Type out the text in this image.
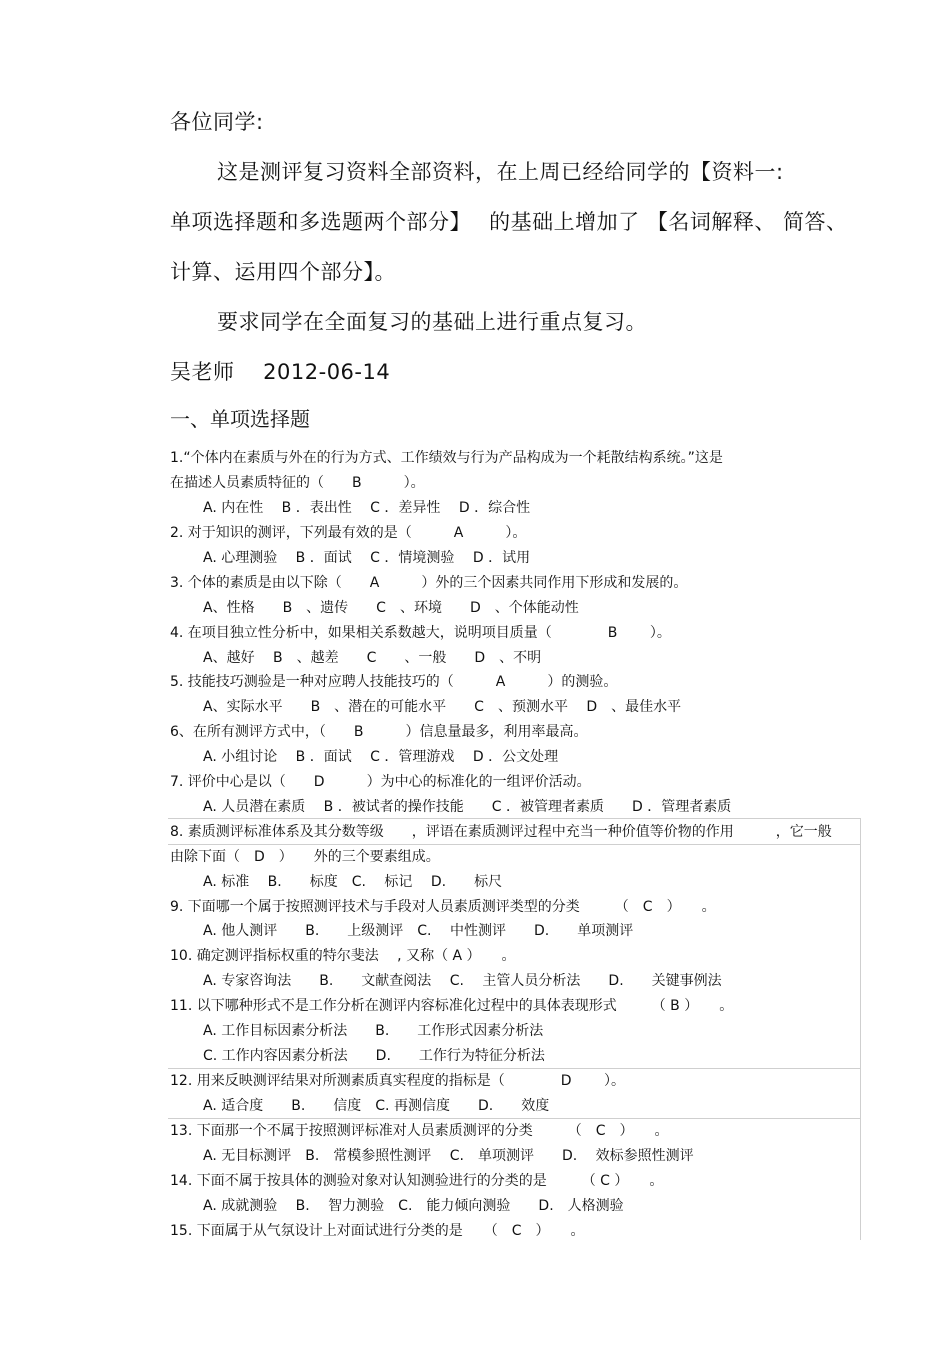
各位同学:
这是测评复习资料全部资料，在上周已经给同学的【资料一:
单项选择题和多选题两个部分】　 的基础上增加了 【名词解释、 简答、
计算、运用四个部分】。
要求同学在全面复习的基础上进行重点复习。
吴老师　 2012-06-14
一、单项选择题
1.“个体内在素质与外在的行为方式、工作绩效与行为产品构成为一个耗散结构系统。”这是
在描述人员素质特征的（　　B　　　）。
A. 内在性　 B ．表出性　 C ．差异性　 D ．综合性
2. 对于知识的测评，下列最有效的是（　　　A　　　）。
A. 心理测验　 B ．面试　 C ．情境测验　 D ．试用
3. 个体的素质是由以下除（　　A　　　）外的三个因素共同作用下形成和发展的。
A、性格　　B　、遗传　　C　、环境　　D　、个体能动性
4. 在项目独立性分析中，如果相关系数越大，说明项目质量（　　　　B　　 ）。
A、越好　 B　、越差　　C　　、一般　　D　、不明
5. 技能技巧测验是一种对应聘人技能技巧的（　　　A　　　）的测验。
A、实际水平　　B　、潜在的可能水平　　C　、预测水平　 D　、最佳水平
6、在所有测评方式中，（　　B　　　）信息量最多，利用率最高。
A. 小组讨论　 B ．面试　 C ．管理游戏　 D ．公文处理
7. 评价中心是以（　　D　　　）为中心的标准化的一组评价活动。
A. 人员潜在素质　 B ．被试者的操作技能　　C ．被管理者素质　　D ．管理者素质
8. 素质测评标准体系及其分数等级　　，评语在素质测评过程中充当一种价值等价物的作用　　　，它一般
由除下面（　D　）　　外的三个要素组成。
A. 标准　 B.　　标度　C.　 标记　 D.　　标尺
9. 下面哪一个属于按照测评技术与手段对人员素质测评类型的分类　　　（　C　）　　。
A. 他人测评　　B.　　上级测评　C.　 中性测评　　D.　　单项测评
10. 确定测评指标权重的特尔斐法　 , 又称（ A ）　　。
A. 专家咨询法　　B.　　文献查阅法　 C.　 主管人员分析法　　D.　　关键事例法
11. 以下哪种形式不是工作分析在测评内容标准化过程中的具体表现形式　　　（ B ）　　。
A. 工作目标因素分析法　　B.　　工作形式因素分析法
C. 工作内容因素分析法　　D.　　工作行为特征分析法
12. 用来反映测评结果对所测素质真实程度的指标是（　　　　D　　 ）。
A. 适合度　　B.　　信度　C. 再测信度　　D.　　效度
13. 下面那一个不属于按照测评标准对人员素质测评的分类　　　（　C　）　　。
A. 无目标测评　B.　常模参照性测评　 C.　单项测评　　D.　 效标参照性测评
14. 下面不属于按具体的测验对象对认知测验进行的分类的是　　　（ C ）　　。
A. 成就测验　 B.　 智力测验　C.　能力倾向测验　　D.　人格测验
15. 下面属于从气氛设计上对面试进行分类的是　　（　C　）　　。
